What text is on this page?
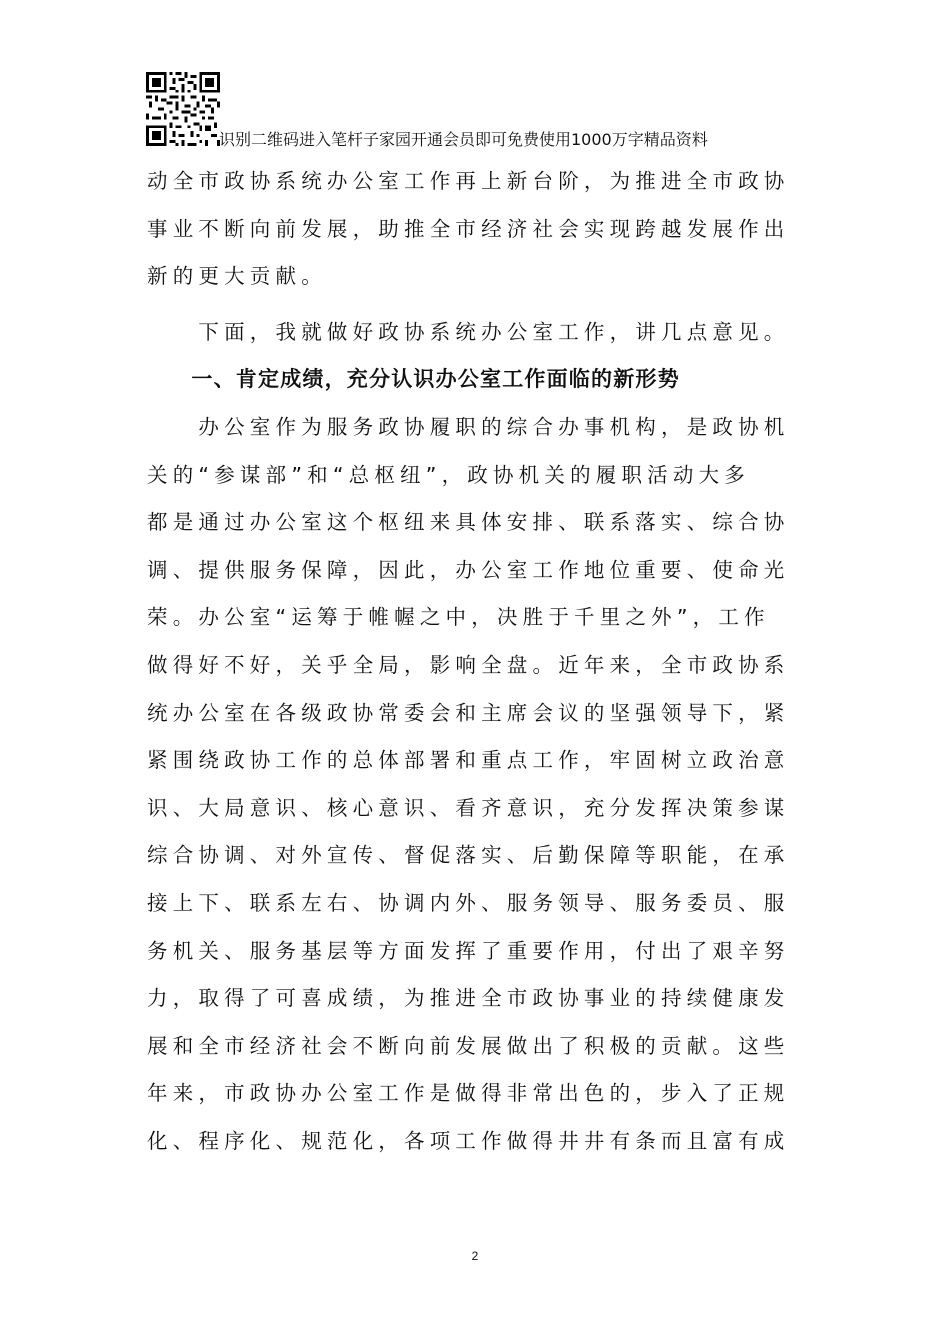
识别二维码进入笔杆子家园开通会员即可免费使用1000万字精品资料
动全市政协系统办公室工作再上新台阶，为推进全市政协
事业不断向前发展，助推全市经济社会实现跨越发展作出
新的更大贡献。
　　下面，我就做好政协系统办公室工作，讲几点意见。
　　一、肯定成绩，充分认识办公室工作面临的新形势
　　办公室作为服务政协履职的综合办事机构，是政协机
关的“参谋部”和“总枢纽”，政协机关的履职活动大多
都是通过办公室这个枢纽来具体安排、联系落实、综合协
调、提供服务保障，因此，办公室工作地位重要、使命光
荣。办公室“运筹于帷幄之中，决胜于千里之外”，工作
做得好不好，关乎全局，影响全盘。近年来，全市政协系
统办公室在各级政协常委会和主席会议的坚强领导下，紧
紧围绕政协工作的总体部署和重点工作，牢固树立政治意
识、大局意识、核心意识、看齐意识，充分发挥决策参谋
综合协调、对外宣传、督促落实、后勤保障等职能，在承
接上下、联系左右、协调内外、服务领导、服务委员、服
务机关、服务基层等方面发挥了重要作用，付出了艰辛努
力，取得了可喜成绩，为推进全市政协事业的持续健康发
展和全市经济社会不断向前发展做出了积极的贡献。这些
年来，市政协办公室工作是做得非常出色的，步入了正规
化、程序化、规范化，各项工作做得井井有条而且富有成
2
